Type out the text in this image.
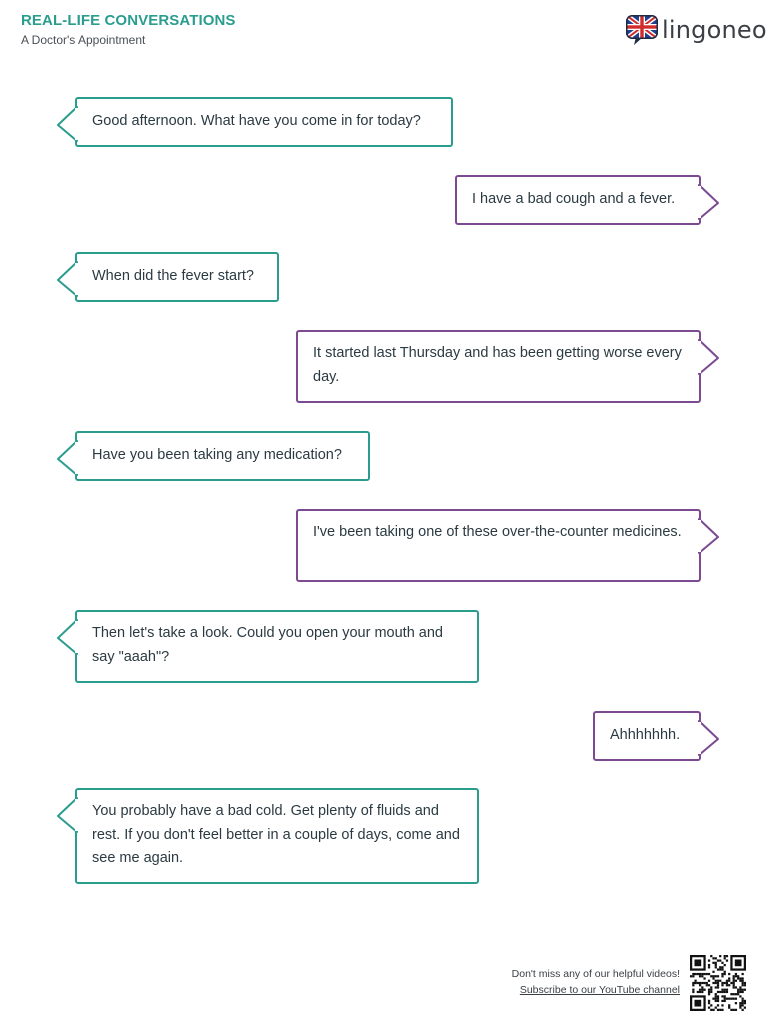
REAL-LIFE CONVERSATIONS
A Doctor's Appointment	lingoneo
Good afternoon. What have you come in for today?
I have a bad cough and a fever.
When did the fever start?
It started last Thursday and has been getting worse every day.
Have you been taking any medication?
I've been taking one of these over-the-counter medicines.
Then let's take a look. Could you open your mouth and say "aaah"?
Ahhhhhhh.
You probably have a bad cold. Get plenty of fluids and rest. If you don't feel better in a couple of days, come and see me again.
Don't miss any of our helpful videos!
Subscribe to our YouTube channel
